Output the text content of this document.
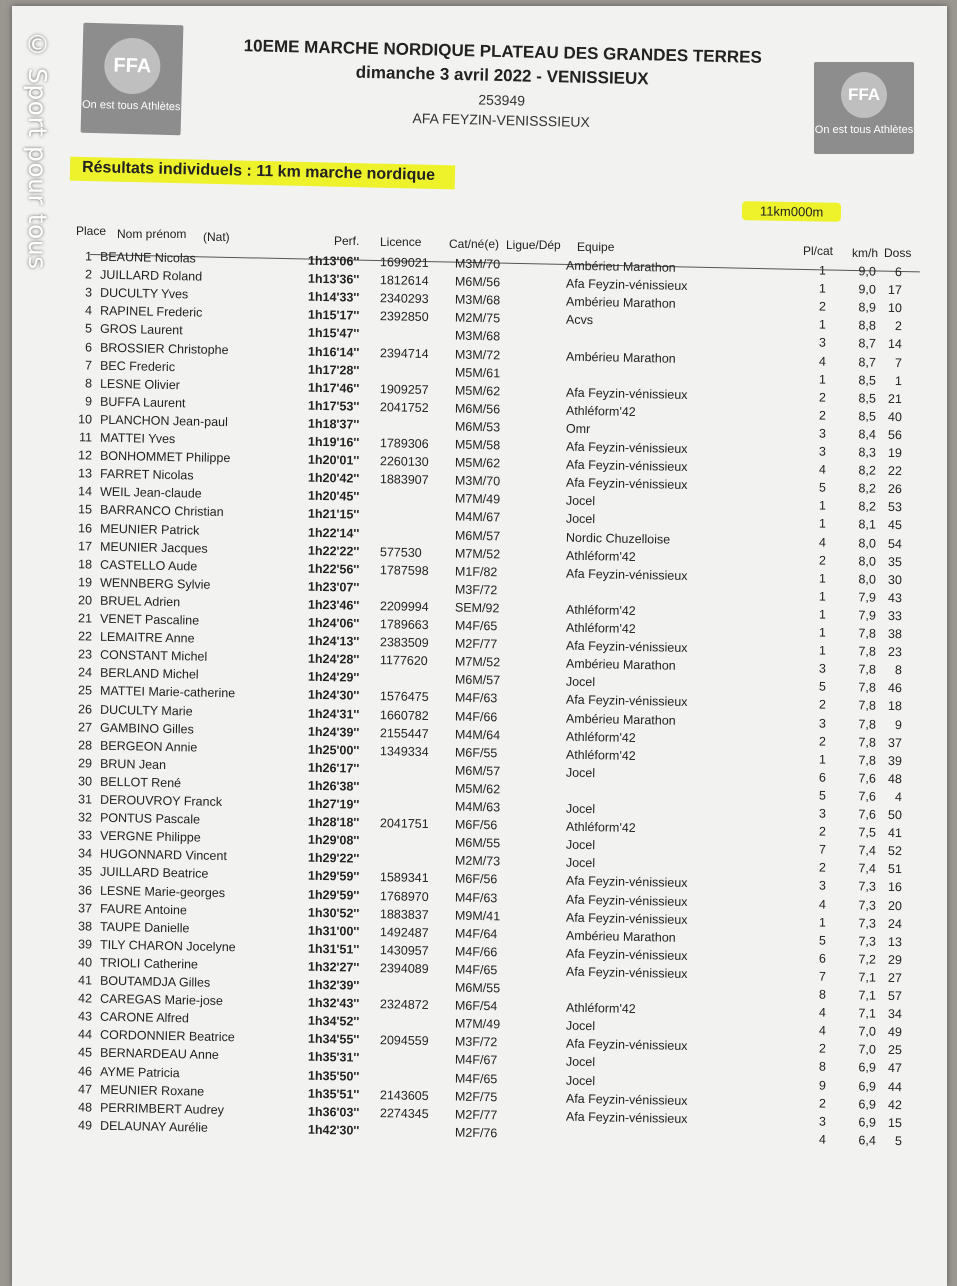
FFA
On est tous Athlètes
FFA
On est tous Athlètes
10EME MARCHE NORDIQUE PLATEAU DES GRANDES TERRES
dimanche 3 avril 2022 - VENISSIEUX
253949
AFA FEYZIN-VENISSSIEUX
Résultats individuels : 11 km marche nordique
11km000m
Place Nom prénom (Nat)	Perf. Licence Cat/né(e) Ligue/Dép Equipe	Pl/cat km/h Doss
1 BEAUNE Nicolas	1h13'06'' 1699021 M3M/70	Ambérieu Marathon	1	9,0	6
2 JUILLARD Roland	1h13'36'' 1812614 M6M/56	Afa Feyzin-vénissieux	1	9,0 17
3 DUCULTY Yves	1h14'33'' 2340293 M3M/68	Ambérieu Marathon	2	8,9 10
4 RAPINEL Frederic	1h15'17'' 2392850 M2M/75	Acvs	1	8,8	2
5 GROS Laurent	1h15'47''	M3M/68	3	8,7 14
6 BROSSIER Christophe	1h16'14'' 2394714 M3M/72	Ambérieu Marathon	4	8,7	7
7 BEC Frederic	1h17'28''	M5M/61	1	8,5	1
8 LESNE Olivier	1h17'46'' 1909257 M5M/62	Afa Feyzin-vénissieux	2	8,5 21
9 BUFFA Laurent	1h17'53'' 2041752 M6M/56	Athléform'42	2	8,5 40
10 PLANCHON Jean-paul	1h18'37''	M6M/53	Omr	3	8,4 56
11 MATTEI Yves	1h19'16'' 1789306 M5M/58	Afa Feyzin-vénissieux	3	8,3 19
12 BONHOMMET Philippe	1h20'01'' 2260130 M5M/62	Afa Feyzin-vénissieux	4	8,2 22
13 FARRET Nicolas	1h20'42'' 1883907 M3M/70	Afa Feyzin-vénissieux	5	8,2 26
14 WEIL Jean-claude	1h20'45''	M7M/49	Jocel	1	8,2 53
15 BARRANCO Christian	1h21'15''	M4M/67	Jocel	1	8,1 45
16 MEUNIER Patrick	1h22'14''	M6M/57	Nordic Chuzelloise	4	8,0 54
17 MEUNIER Jacques	1h22'22'' 577530	M7M/52	Athléform'42	2	8,0 35
18 CASTELLO Aude	1h22'56'' 1787598 M1F/82	Afa Feyzin-vénissieux	1	8,0 30
19 WENNBERG Sylvie	1h23'07''	M3F/72	1	7,9 43
20 BRUEL Adrien	1h23'46'' 2209994 SEM/92	Athléform'42	1	7,9 33
21 VENET Pascaline	1h24'06'' 1789663 M4F/65	Athléform'42	1	7,8 38
22 LEMAITRE Anne	1h24'13'' 2383509 M2F/77	Afa Feyzin-vénissieux	1	7,8 23
23 CONSTANT Michel	1h24'28'' 1177620 M7M/52	Ambérieu Marathon	3	7,8	8
24 BERLAND Michel	1h24'29''	M6M/57	Jocel	5	7,8 46
25 MATTEI Marie-catherine	1h24'30'' 1576475 M4F/63	Afa Feyzin-vénissieux	2	7,8 18
26 DUCULTY Marie	1h24'31'' 1660782 M4F/66	Ambérieu Marathon	3	7,8	9
27 GAMBINO Gilles	1h24'39'' 2155447 M4M/64	Athléform'42	2	7,8 37
28 BERGEON Annie	1h25'00'' 1349334 M6F/55	Athléform'42	1	7,8 39
29 BRUN Jean	1h26'17''	M6M/57	Jocel	6	7,6 48
30 BELLOT René	1h26'38''	M5M/62	5	7,6	4
31 DEROUVROY Franck	1h27'19''	M4M/63	Jocel	3	7,6 50
32 PONTUS Pascale	1h28'18'' 2041751 M6F/56	Athléform'42	2	7,5 41
33 VERGNE Philippe	1h29'08''	M6M/55	Jocel	7	7,4 52
34 HUGONNARD Vincent	1h29'22''	M2M/73	Jocel	2	7,4 51
35 JUILLARD Beatrice	1h29'59'' 1589341 M6F/56	Afa Feyzin-vénissieux	3	7,3 16
36 LESNE Marie-georges	1h29'59'' 1768970 M4F/63	Afa Feyzin-vénissieux	4	7,3 20
37 FAURE Antoine	1h30'52'' 1883837 M9M/41	Afa Feyzin-vénissieux	1	7,3 24
38 TAUPE Danielle	1h31'00'' 1492487 M4F/64	Ambérieu Marathon	5	7,3 13
39 TILY CHARON Jocelyne	1h31'51'' 1430957 M4F/66	Afa Feyzin-vénissieux	6	7,2 29
40 TRIOLI Catherine	1h32'27'' 2394089 M4F/65	Afa Feyzin-vénissieux	7	7,1 27
41 BOUTAMDJA Gilles	1h32'39''	M6M/55	8	7,1 57
42 CAREGAS Marie-jose	1h32'43'' 2324872 M6F/54	Athléform'42	4	7,1 34
43 CARONE Alfred	1h34'52''	M7M/49	Jocel	4	7,0 49
44 CORDONNIER Beatrice	1h34'55'' 2094559 M3F/72	Afa Feyzin-vénissieux	2	7,0 25
45 BERNARDEAU Anne	1h35'31''	M4F/67	Jocel	8	6,9 47
46 AYME Patricia	1h35'50''	M4F/65	Jocel	9	6,9 44
47 MEUNIER Roxane	1h35'51'' 2143605 M2F/75	Afa Feyzin-vénissieux	2	6,9 42
48 PERRIMBERT Audrey	1h36'03'' 2274345 M2F/77	Afa Feyzin-vénissieux	3	6,9 15
49 DELAUNAY Aurélie	1h42'30''	M2F/76	4	6,4	5
© Sport pour tous
